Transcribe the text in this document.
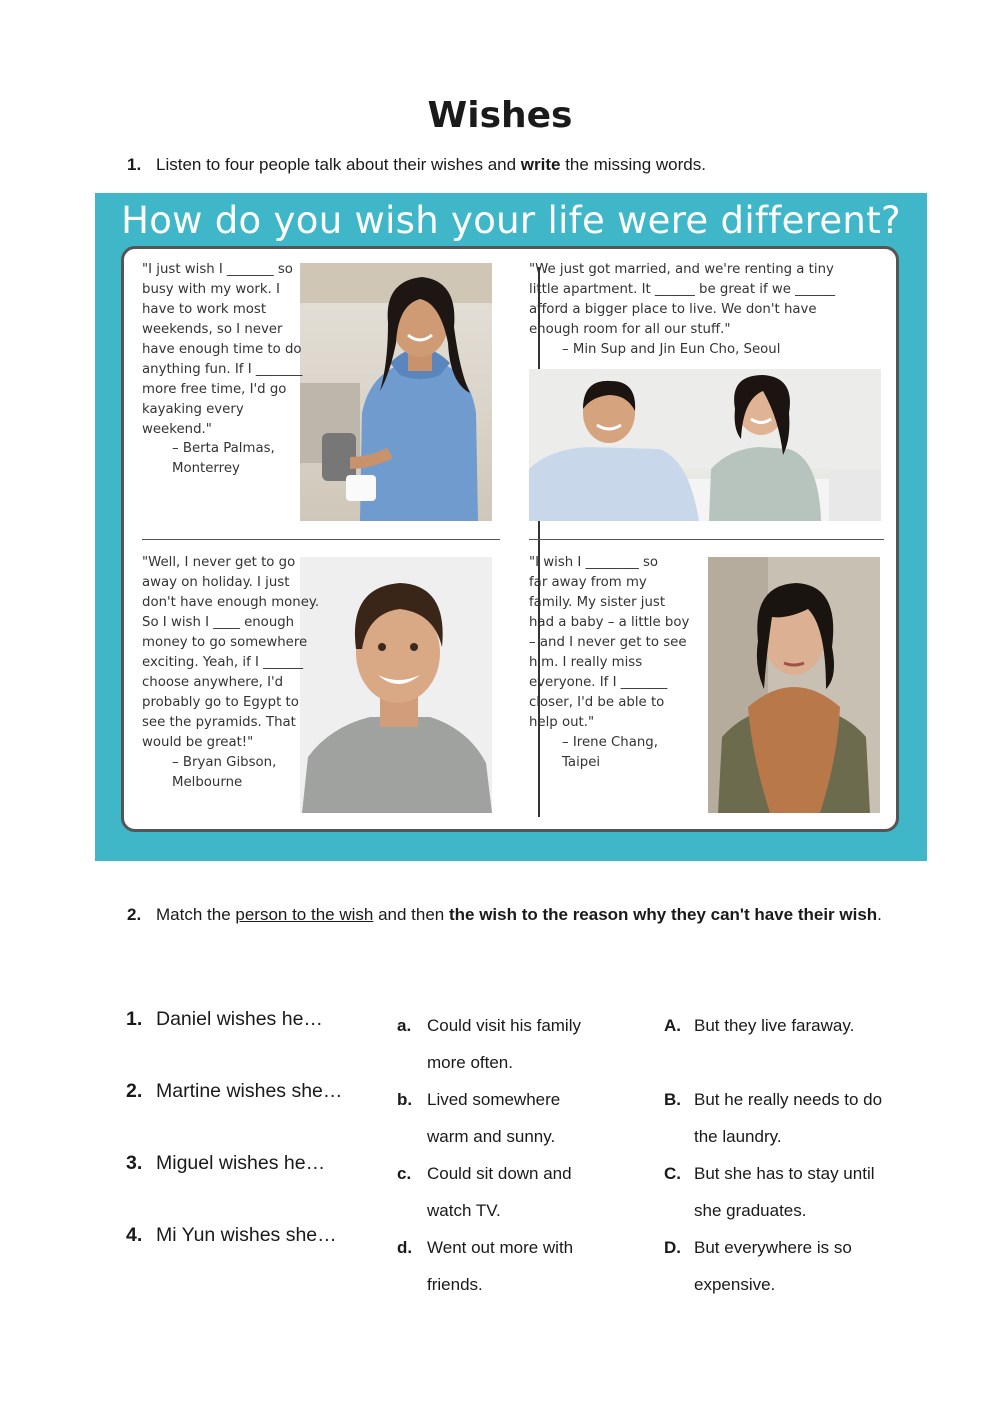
Wishes
1. Listen to four people talk about their wishes and write the missing words.
How do you wish your life were different?
"I just wish I _______ so
busy with my work. I
have to work most
weekends, so I never
have enough time to do
anything fun. If I _______
more free time, I'd go
kayaking every
weekend."
– Berta Palmas,
Monterrey
"We just got married, and we're renting a tiny
little apartment. It ______ be great if we ______
afford a bigger place to live. We don't have
enough room for all our stuff."
– Min Sup and Jin Eun Cho, Seoul
"Well, I never get to go
away on holiday. I just
don't have enough money.
So I wish I ____ enough
money to go somewhere
exciting. Yeah, if I ______
choose anywhere, I'd
probably go to Egypt to
see the pyramids. That
would be great!"
– Bryan Gibson,
Melbourne
"I wish I ________ so
far away from my
family. My sister just
had a baby – a little boy
– and I never get to see
him. I really miss
everyone. If I _______
closer, I'd be able to
help out."
– Irene Chang,
Taipei
2. Match the person to the wish and then the wish to the reason why they can't have their wish.
1. Daniel wishes he…
2. Martine wishes she…
3. Miguel wishes he…
4. Mi Yun wishes she…
a. Could visit his family
more often.
b. Lived somewhere
warm and sunny.
c. Could sit down and
watch TV.
d. Went out more with
friends.
A. But they live faraway.
B. But he really needs to do
the laundry.
C. But she has to stay until
she graduates.
D. But everywhere is so
expensive.
